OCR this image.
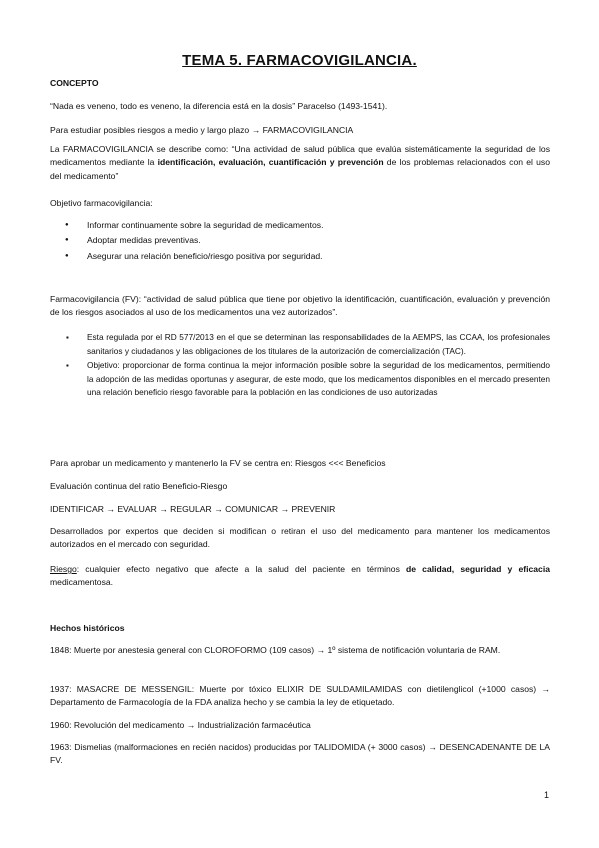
TEMA 5. FARMACOVIGILANCIA.

CONCEPTO

“Nada es veneno, todo es veneno, la diferencia está en la dosis” Paracelso (1493-1541).

Para estudiar posibles riesgos a medio y largo plazo → FARMACOVIGILANCIA

La FARMACOVIGILANCIA se describe como: “Una actividad de salud pública que evalúa sistemáticamente la seguridad de los medicamentos mediante la identificación, evaluación, cuantificación y prevención de los problemas relacionados con el uso del medicamento”

Objetivo farmacovigilancia:

● Informar continuamente sobre la seguridad de medicamentos.
● Adoptar medidas preventivas.
● Asegurar una relación beneficio/riesgo positiva por seguridad.

Farmacovigilancia (FV): “actividad de salud pública que tiene por objetivo la identificación, cuantificación, evaluación y prevención de los riesgos asociados al uso de los medicamentos una vez autorizados”.

▪ Esta regulada por el RD 577/2013 en el que se determinan las responsabilidades de la AEMPS, las CCAA, los profesionales sanitarios y ciudadanos y las obligaciones de los titulares de la autorización de comercialización (TAC).
▪ Objetivo: proporcionar de forma continua la mejor información posible sobre la seguridad de los medicamentos, permitiendo la adopción de las medidas oportunas y asegurar, de este modo, que los medicamentos disponibles en el mercado presenten una relación beneficio riesgo favorable para la población en las condiciones de uso autorizadas

Para aprobar un medicamento y mantenerlo la FV se centra en: Riesgos <<< Beneficios

Evaluación continua del ratio Beneficio-Riesgo

IDENTIFICAR → EVALUAR → REGULAR → COMUNICAR → PREVENIR

Desarrollados por expertos que deciden si modifican o retiran el uso del medicamento para mantener los medicamentos autorizados en el mercado con seguridad.

Riesgo: cualquier efecto negativo que afecte a la salud del paciente en términos de calidad, seguridad y eficacia medicamentosa.

Hechos históricos

1848: Muerte por anestesia general con CLOROFORMO (109 casos) → 1º sistema de notificación voluntaria de RAM.

1937: MASACRE DE MESSENGIL: Muerte por tóxico ELIXIR DE SULDAMILAMIDAS con dietilenglicol (+1000 casos) → Departamento de Farmacología de la FDA analiza hecho y se cambia la ley de etiquetado.

1960: Revolución del medicamento → Industrialización farmacéutica

1963: Dismelias (malformaciones en recién nacidos) producidas por TALIDOMIDA (+ 3000 casos) → DESENCADENANTE DE LA FV.

1
